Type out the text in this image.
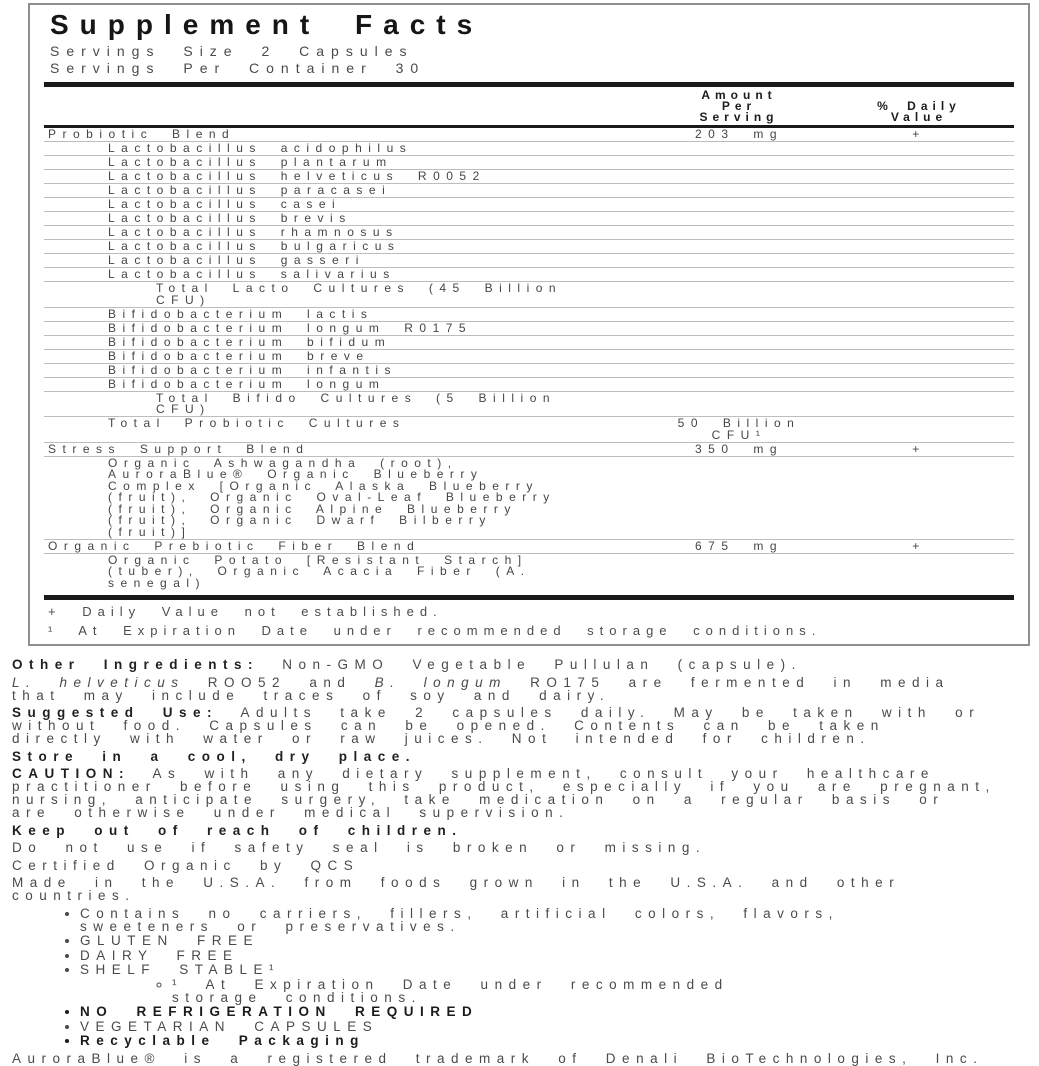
Supplement Facts
Servings Size 2 Capsules
Servings Per Container 30
Amount Per Serving
% Daily Value
Probiotic Blend	203 mg	+
Lactobacillus acidophilus
Lactobacillus plantarum
Lactobacillus helveticus R0052
Lactobacillus paracasei
Lactobacillus casei
Lactobacillus brevis
Lactobacillus rhamnosus
Lactobacillus bulgaricus
Lactobacillus gasseri
Lactobacillus salivarius
Total Lacto Cultures (45 Billion CFU)
Bifidobacterium lactis
Bifidobacterium longum R0175
Bifidobacterium bifidum
Bifidobacterium breve
Bifidobacterium infantis
Bifidobacterium longum
Total Bifido Cultures (5 Billion CFU)
Total Probiotic Cultures	50 Billion CFU¹
Stress Support Blend	350 mg	+
Organic Ashwagandha (root), AuroraBlue® Organic Blueberry Complex [Organic Alaska Blueberry (fruit), Organic Oval-Leaf Blueberry (fruit), Organic Alpine Blueberry (fruit), Organic Dwarf Bilberry (fruit)]
Organic Prebiotic Fiber Blend	675 mg	+
Organic Potato [Resistant Starch] (tuber), Organic Acacia Fiber (A. senegal)

+ Daily Value not established.

¹ At Expiration Date under recommended storage conditions.

Other Ingredients: Non-GMO Vegetable Pullulan (capsule).

L. helveticus ROO52 and B. longum RO175 are fermented in media that may include traces of soy and dairy.

Suggested Use: Adults take 2 capsules daily. May be taken with or without food. Capsules can be opened. Contents can be taken directly with water or raw juices. Not intended for children.

Store in a cool, dry place.

CAUTION: As with any dietary supplement, consult your healthcare practitioner before using this product, especially if you are pregnant, nursing, anticipate surgery, take medication on a regular basis or are otherwise under medical supervision.

Keep out of reach of children.

Do not use if safety seal is broken or missing.

Certified Organic by QCS

Made in the U.S.A. from foods grown in the U.S.A. and other countries.

• Contains no carriers, fillers, artificial colors, flavors, sweeteners or preservatives.
• GLUTEN FREE
• DAIRY FREE
• SHELF STABLE¹
◦ ¹ At Expiration Date under recommended storage conditions.
• NO REFRIGERATION REQUIRED
• VEGETARIAN CAPSULES
• Recyclable Packaging

AuroraBlue® is a registered trademark of Denali BioTechnologies, Inc.
